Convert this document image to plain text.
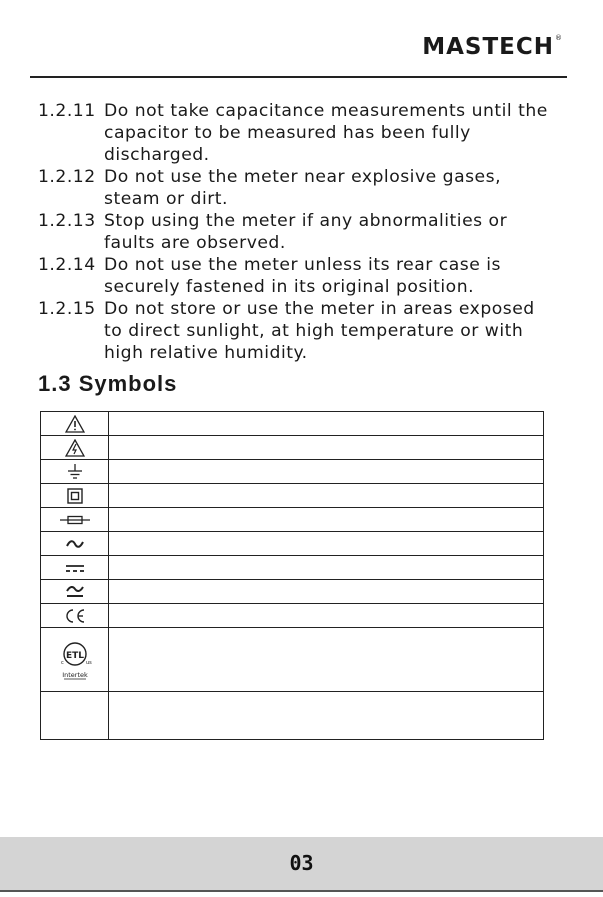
MASTECH®
1.2.11 Do not take capacitance measurements until the capacitor to be measured has been fully discharged.
1.2.12 Do not use the meter near explosive gases, steam or dirt.
1.2.13 Stop using the meter if any abnormalities or faults are observed.
1.2.14 Do not use the meter unless its rear case is securely fastened in its original position.
1.2.15 Do not store or use the meter in areas exposed to direct sunlight, at high temperature or with high relative humidity.
1.3 Symbols

ETL
c us
Intertek	

03
